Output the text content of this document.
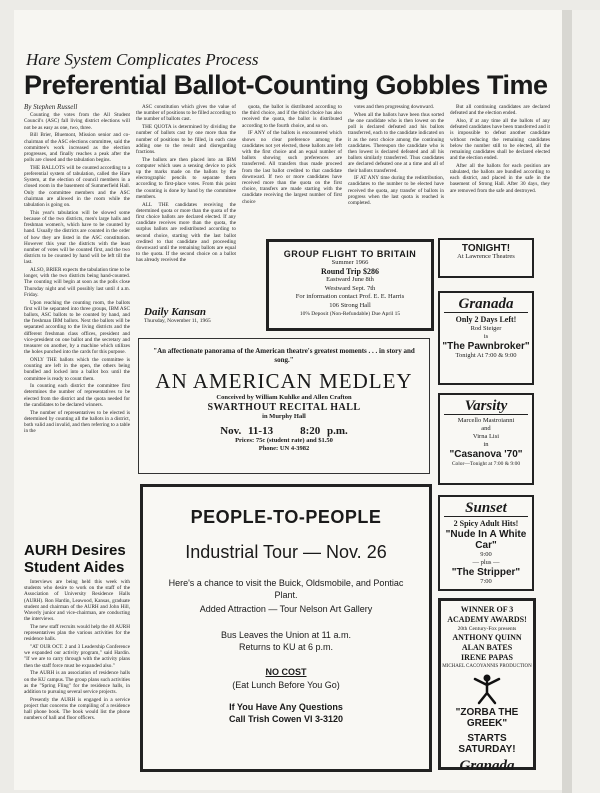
Hare System Complicates Process
Preferential Ballot-Counting Gobbles Time
By Stephen Russell

Counting the votes from the All Student Council's (ASC) fall living district elections will not be as easy as one, two, three.

Bill Brier, Bluemont, Mission senior and co-chairman of the ASC elections committee, said the committee's work increased as the election progresses, and finally reaches a peak after the polls are closed and the tabulation begins.

THE BALLOTS will be counted according to a preferential system of tabulation, called the Hare System, at the election of council members in a closed room in the basement of Summerfield Hall. Only the committee members and the ASC chairman are allowed in the room while the tabulation is going on.

This year's tabulation will be slowed some because of the two districts, men's large halls and freshman women's, which have to be counted by hand. Usually the districts are counted in the order of how they are listed in the ASC constitution. However this year the districts with the least number of votes will be counted first, and the two districts to be counted by hand will be left till the last.

ALSO, BRIER expects the tabulation time to be longer, with the two districts being hand-counted. The counting will begin at soon as the polls close Thursday night and will possibly last until 4 a.m. Friday.

Upon reaching the counting room, the ballots first will be separated into three groups, IBM ASC ballots, ASC ballots to be counted by hand, and the freshman IBM ballots. Next the ballots will be separated according to the living districts and the different freshman class offices, president and vice-president on one ballot and the secretary and treasurer on another, by a machine which utilizes the holes punched into the cards for this purpose.

ONLY THE ballots which the committee is counting are left in the open, the others being bundled and locked into a ballot box until the committee is ready to count them.

In counting each district the committee first determines the number of representatives to be elected from the district and the quota needed for the candidates to be declared winners.

The number of representatives to be elected is determined by counting all the ballots in a district, both valid and invalid, and then referring to a table in the

AURH Desires Student Aides

Interviews are being held this week with students who desire to work on the staff of the Association of University Residence Halls (AURH). Ron Hardin, Leawood, Kansas, graduate student and chairman of the AURH and John Hill, Waverly junior and vice-chairman, are conducting the interviews.

The new staff recruits would help the 40 AURH representatives plan the various activities for the residence halls.

"AT OUR OCT. 2 and 3 Leadership Conference we expanded our activity program," said Hardin. "If we are to carry through with the activity plans then the staff force must be expanded also."

The AURH is an association of residence halls on the KU campus. The group plans such activities as the "Spring Fling" for the residence halls, in addition to pursuing several service projects.

Presently the AURH is engaged in a service project that concerns the compiling of a residence hall phone book. The book would list the phone numbers of hall and floor officers.

ASC constitution which gives the value of the number of positions to be filled according to the number of ballots cast.

THE QUOTA is determined by dividing the number of ballots cast by one more than the number of positions to be filled, in each case adding one to the result and disregarding fractions.

The ballots are then placed into an IBM computer which uses a sensing device to pick up the marks made on the ballots by the electrographic pencils to separate them according to first-place votes. From this point the counting is done by hand by the committee members.

ALL THE candidates receiving the determined quota or more than the quota of the first choice ballots are declared elected. If any candidate receives more than the quota, the surplus ballots are redistributed according to second choice, starting with the last ballot credited to that candidate and proceeding downward until the remaining ballots are equal to the quota. If the second choice on a ballot has already received the

Daily Kansan
Thursday, November 11, 1965

quota, the ballot is distributed according to the third choice, and if the third choice has also received the quota, the ballot is distributed according to the fourth choice, and so on.

IF ANY of the ballots is encountered which shows no clear preference among the candidates not yet elected, these ballots are left with the first choice and an equal number of ballots showing such preferences are transferred. All transfers thus made proceed from the last ballot credited to that candidate downward. If two or more candidates have received more than the quota on the first choice, transfers are made starting with the candidate receiving the largest number of first choice

votes and then progressing downward.

When all the ballots have been thus sorted the one candidate who is then lowest on the poll is declared defeated and his ballots transferred, each to the candidate indicated on it as the next choice among the continuing candidates. Thereupon the candidate who is then lowest is declared defeated and all his ballots similarly transferred. Thus candidates are declared defeated one at a time and all of their ballots transferred.

IF AT ANY time during the redistribution, candidates to the number to be elected have received the quota, any transfer of ballots in progress when the last quota is reached is completed.

But all continuing candidates are declared defeated and the election ended.

Also, if at any time all the ballots of any defeated candidates have been transferred and it is impossible to defeat another candidate without reducing the remaining candidates below the number still to be elected, all the remaining candidates shall be declared elected and the election ended.

After all the ballots for each position are tabulated, the ballots are bundled according to each district, and placed in the safe in the basement of Strong Hall. After 30 days, they are removed from the safe and destroyed.

GROUP FLIGHT TO BRITAIN
Summer 1966
Round Trip $286
Eastward June 8th
Westward Sept. 7th
For information contact Prof. E. E. Harris
106 Strong Hall
10% Deposit (Non-Refundable) Due April 15
"An affectionate panorama of the American theatre's greatest moments . . . in story and song."
AN AMERICAN MEDLEY
Conceived by William Kuhlke and Allen Crafton
SWARTHOUT RECITAL HALL
in Murphy Hall
Nov. 11-13 8:20 p.m.
Prices: 75c (student rate) and $1.50
Phone: UN 4-3982
PEOPLE-TO-PEOPLE
Industrial Tour — Nov. 26
Here's a chance to visit the Buick, Oldsmobile, and Pontiac Plant.
Added Attraction — Tour Nelson Art Gallery
Bus Leaves the Union at 11 a.m.
Returns to KU at 6 p.m.
NO COST
(Eat Lunch Before You Go)
If You Have Any Questions
Call Trish Cowen VI 3-3120
TONIGHT!
At Lawrence Theatres
Granada
Only 2 Days Left!
Rod Steiger
is
"The Pawnbroker"
Tonight At 7:00 & 9:00
Varsity
Marcello Mastroianni
and
Virna Lisi
in
"Casanova '70"
Color—Tonight at 7:00 & 9:00
Sunset
2 Spicy Adult Hits!
"Nude In A White Car"
9:00
— plus —
"The Stripper"
7:00
WINNER OF 3 ACADEMY AWARDS!
20th Century-Fox presents
ANTHONY QUINN
ALAN BATES
IRENE PAPAS
MICHAEL CACOYANNIS PRODUCTION
"ZORBA THE GREEK"
STARTS SATURDAY!
Granada
